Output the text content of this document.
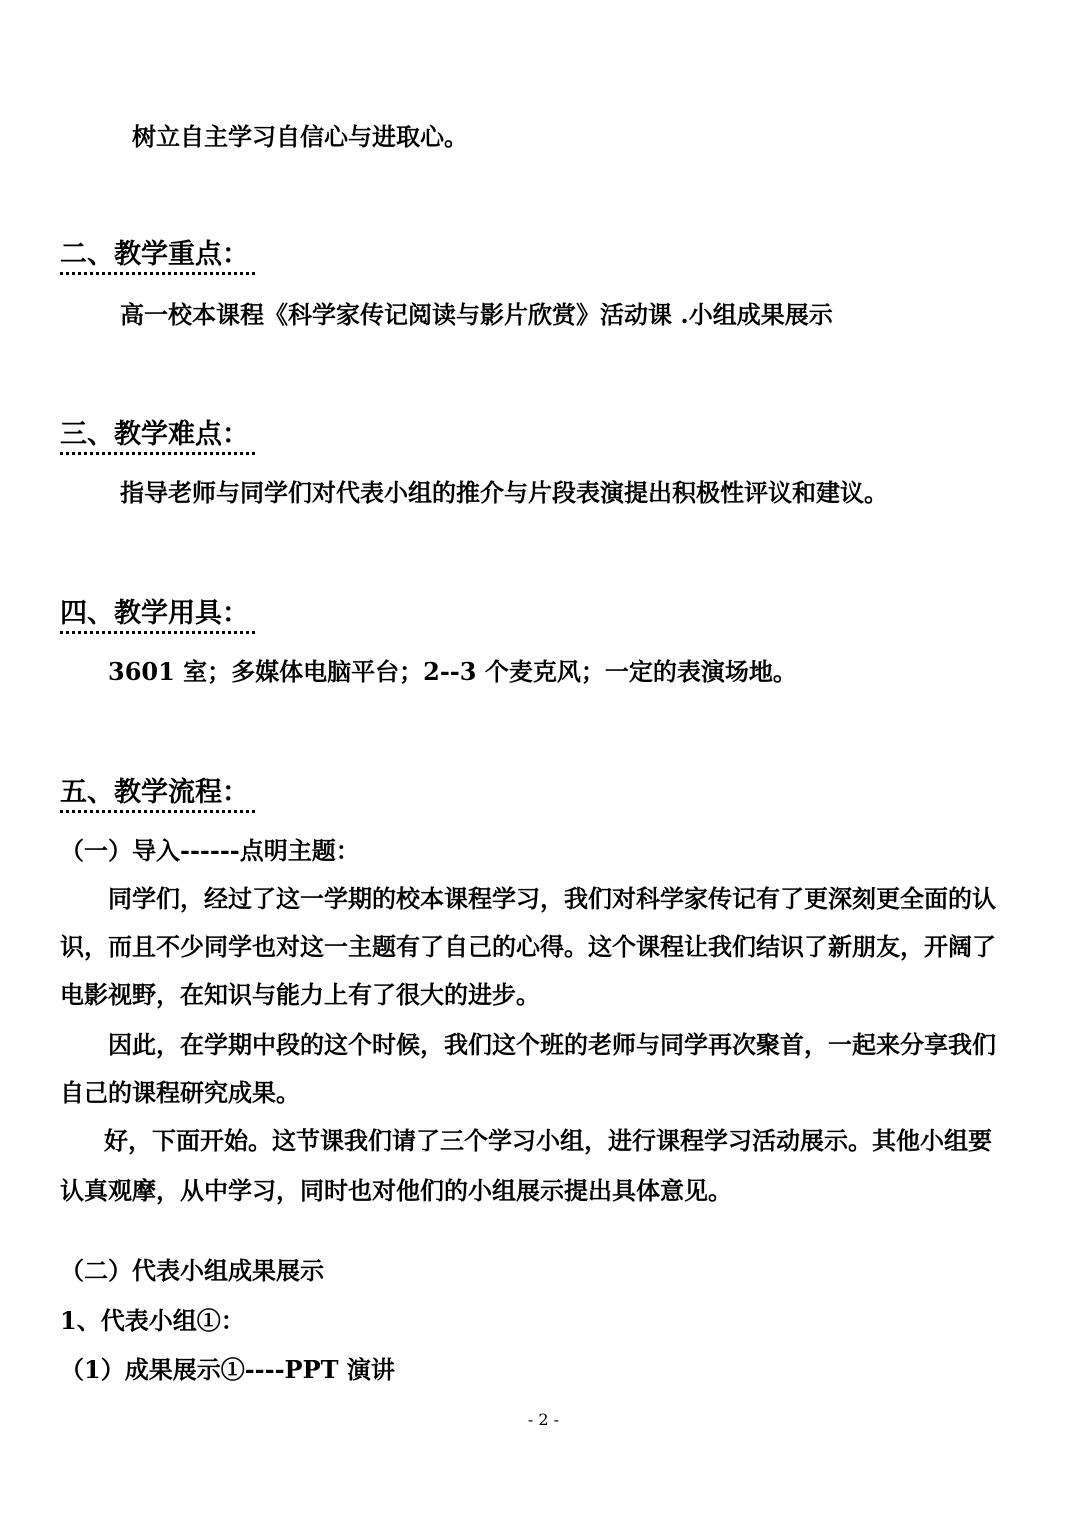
树立自主学习自信心与进取心。
二、教学重点：
高一校本课程《科学家传记阅读与影片欣赏》活动课 .小组成果展示
三、教学难点：
指导老师与同学们对代表小组的推介与片段表演提出积极性评议和建议。
四、教学用具：
3601 室；多媒体电脑平台；2--3 个麦克风；一定的表演场地。
五、教学流程：
（一）导入------点明主题：
同学们，经过了这一学期的校本课程学习，我们对科学家传记有了更深刻更全面的认
识，而且不少同学也对这一主题有了自己的心得。这个课程让我们结识了新朋友，开阔了
电影视野，在知识与能力上有了很大的进步。
因此，在学期中段的这个时候，我们这个班的老师与同学再次聚首，一起来分享我们
自己的课程研究成果。
好，下面开始。这节课我们请了三个学习小组，进行课程学习活动展示。其他小组要
认真观摩，从中学习，同时也对他们的小组展示提出具体意见。
（二）代表小组成果展示
1、代表小组①：
（1）成果展示①----PPT 演讲
- 2 -
